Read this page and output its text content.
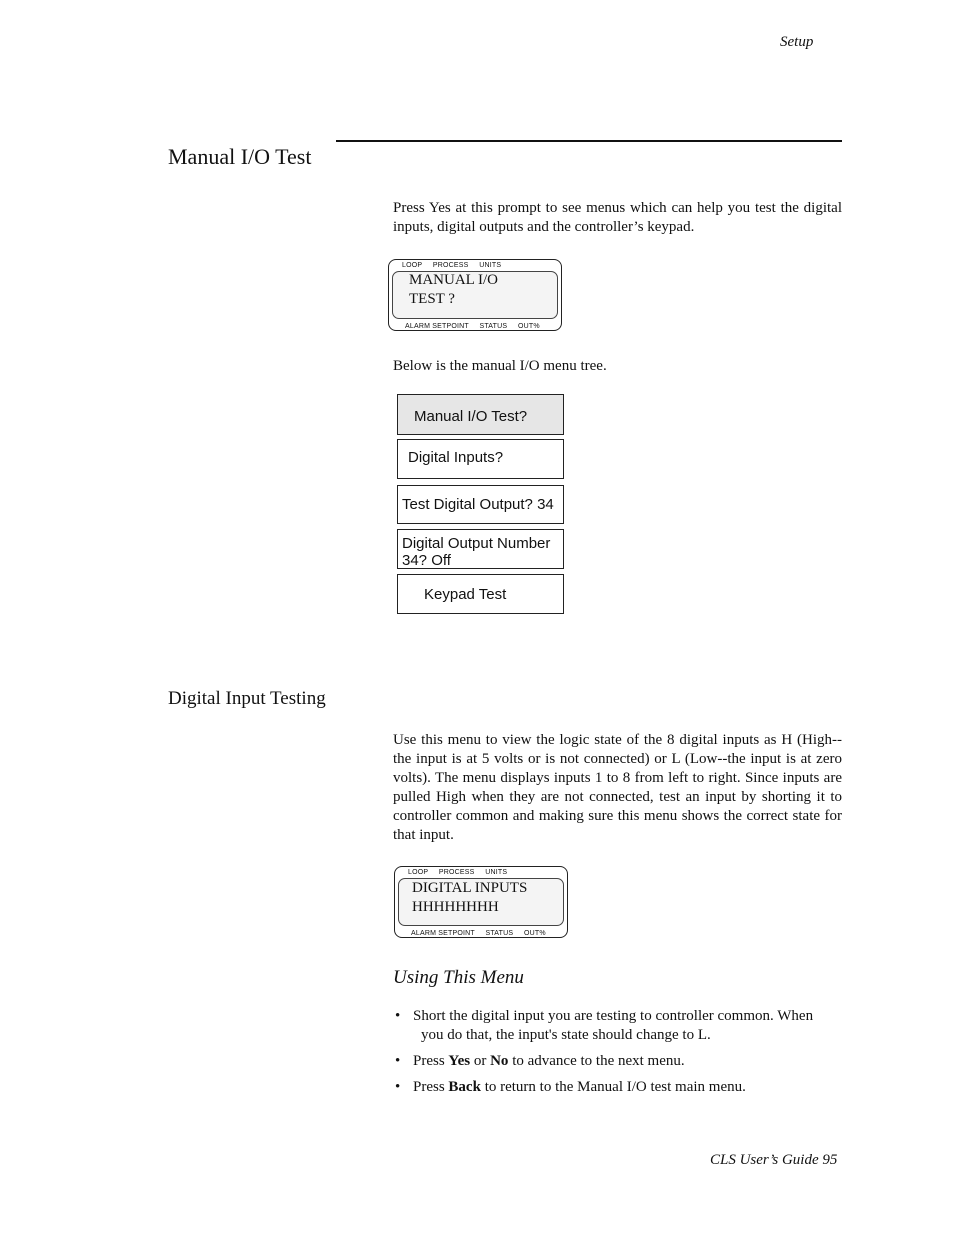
Setup
Manual I/O Test
Press Yes at this prompt to see menus which can help you test the digital inputs, digital outputs and the controller’s keypad.
LOOP     PROCESS     UNITS
MANUAL I/O
TEST ?
ALARM SETPOINT     STATUS     OUT%
Below is the manual I/O menu tree.
Manual I/O Test?
Digital Inputs?
Test Digital Output? 34
Digital Output Number
34? Off
Keypad Test
Digital Input Testing
Use this menu to view the logic state of the 8 digital inputs as H (High--the input is at 5 volts or is not connected) or L (Low--the input is at zero volts). The menu displays inputs 1 to 8 from left to right. Since inputs are pulled High when they are not connected, test an input by shorting it to controller common and making sure this menu shows the correct state for that input.
LOOP     PROCESS     UNITS
DIGITAL INPUTS
HHHHHHHH
ALARM SETPOINT     STATUS     OUT%
Using This Menu
• Short the digital input you are testing to controller common. When
you do that, the input's state should change to L.
• Press Yes or No to advance to the next menu.
• Press Back to return to the Manual I/O test main menu.
CLS User’s Guide 95
